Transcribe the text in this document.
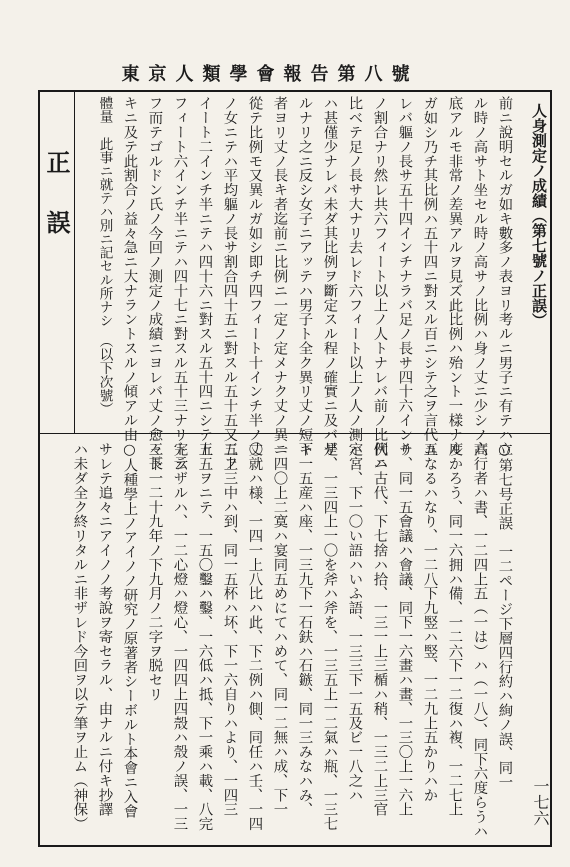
東京人類學會報告第八號
人身測定ノ成績（第七號ノ正誤）
一七六
前ニ說明セルガ如キ數多ノ表ヨリ考ルニ男子ニ有テハ立
ル時ノ高サト坐セル時ノ高サノ比例ハ身ノ丈ニ少シノ高
底アルモ非常ノ差異アルヲ見ズ此比例ハ殆ント一樣ナル
ガ如シ乃チ其比例ハ五十四ニ對スル百ニシテ之ヲ言代ユ
レバ軀ノ長サ五十四インチナラバ足ノ長サ四十六インチ
ノ割合ナリ然レ共六フィート以上ノ人トナレバ前ノ比例ニ
比ベテ足ノ長サ大ナリ去レド六フィート以上ノ人ノ測定
ハ甚僅少ナレバ未ダ其比例ヲ斷定スル程ノ確實ニ及バザ
ルナリ之ニ反シ女子ニアッテハ男子ト全ク異リ丈ノ短キ
者ヨリ丈ノ長キ者迄前ニ比例ニ一定ノ定メナク丈ノ異ニ
從テ比例モ又異ルガ如シ即チ四フィート十インチ半ノ丈
ノ女ニテハ平均軀ノ長サ割合四十五ニ對スル五十五又五フ
イート二インチ半ニテハ四十六ニ對スル五十四ニシテ五
フィート六インチ半ニテハ四十七ニ對スル五十三ナリト云
フ而テゴルドン氏ノ今回ノ測定ノ成績ニヨレバ丈ノ愈々長
キニ及テ此割合ノ益々急ニ大ナラントスルノ傾アル由
體量　此事ニ就テハ別ニ記セル所ナシ　（以下次號）
正誤
○第七号正誤　一二ページ下層四行約ハ絢ノ誤、同一
六行者ハ書、一二四上五（一は）ハ（一八）、同下六度らうハ
度かろう、同一六拥ハ備、一二六下一二復ハ複、一二七上
五なるハなり、一二八下九竪ハ竪、一二九上五かりハか
り、同一五會議ハ會議、同下一六畫ハ畫、一三〇上一六上
代ハ古代、下七捨ハ拾、一三一上三楯ハ稍、一三二上三官
ハ宮、下一〇い語ハいふ語、一三三下一五及ビ一八之ハ
是、一三四上一〇を斧ハ斧を、一三五上一二氣ハ瓶、一三七
下一五産ハ座、一三九下一石鈇ハ石鏃、同一三みなハみ、
一四〇上二寞ハ宴同五めにてハめて、同一二無ハ成、下一
〇就ハ様、一四一上八比ハ此、下二例ハ側、同任ハ壬、一四
二上三中ハ到、同一五杯ハ坏、下一六自りハより、一四三
上五ヲニテ、一五〇鑿ハ鑿、一六低ハ抵、下一乘ハ載、八完
完ラザルハ、一二心燈ハ燈心、一四四上四殼ハ殼ノ誤、一三
三下一二十九年ノ下九月ノ二字ヲ脱セリ
○人種學上ノアイノノ研究ノ原著者シーボルト本會ニ入會
サレテ追々ニアイノノ考說ヲ寄セラル、由ナルニ付キ抄譯
ハ未ダ全ク終リタルニ非ザレド今回ヲ以テ筆ヲ止ム（神保）
